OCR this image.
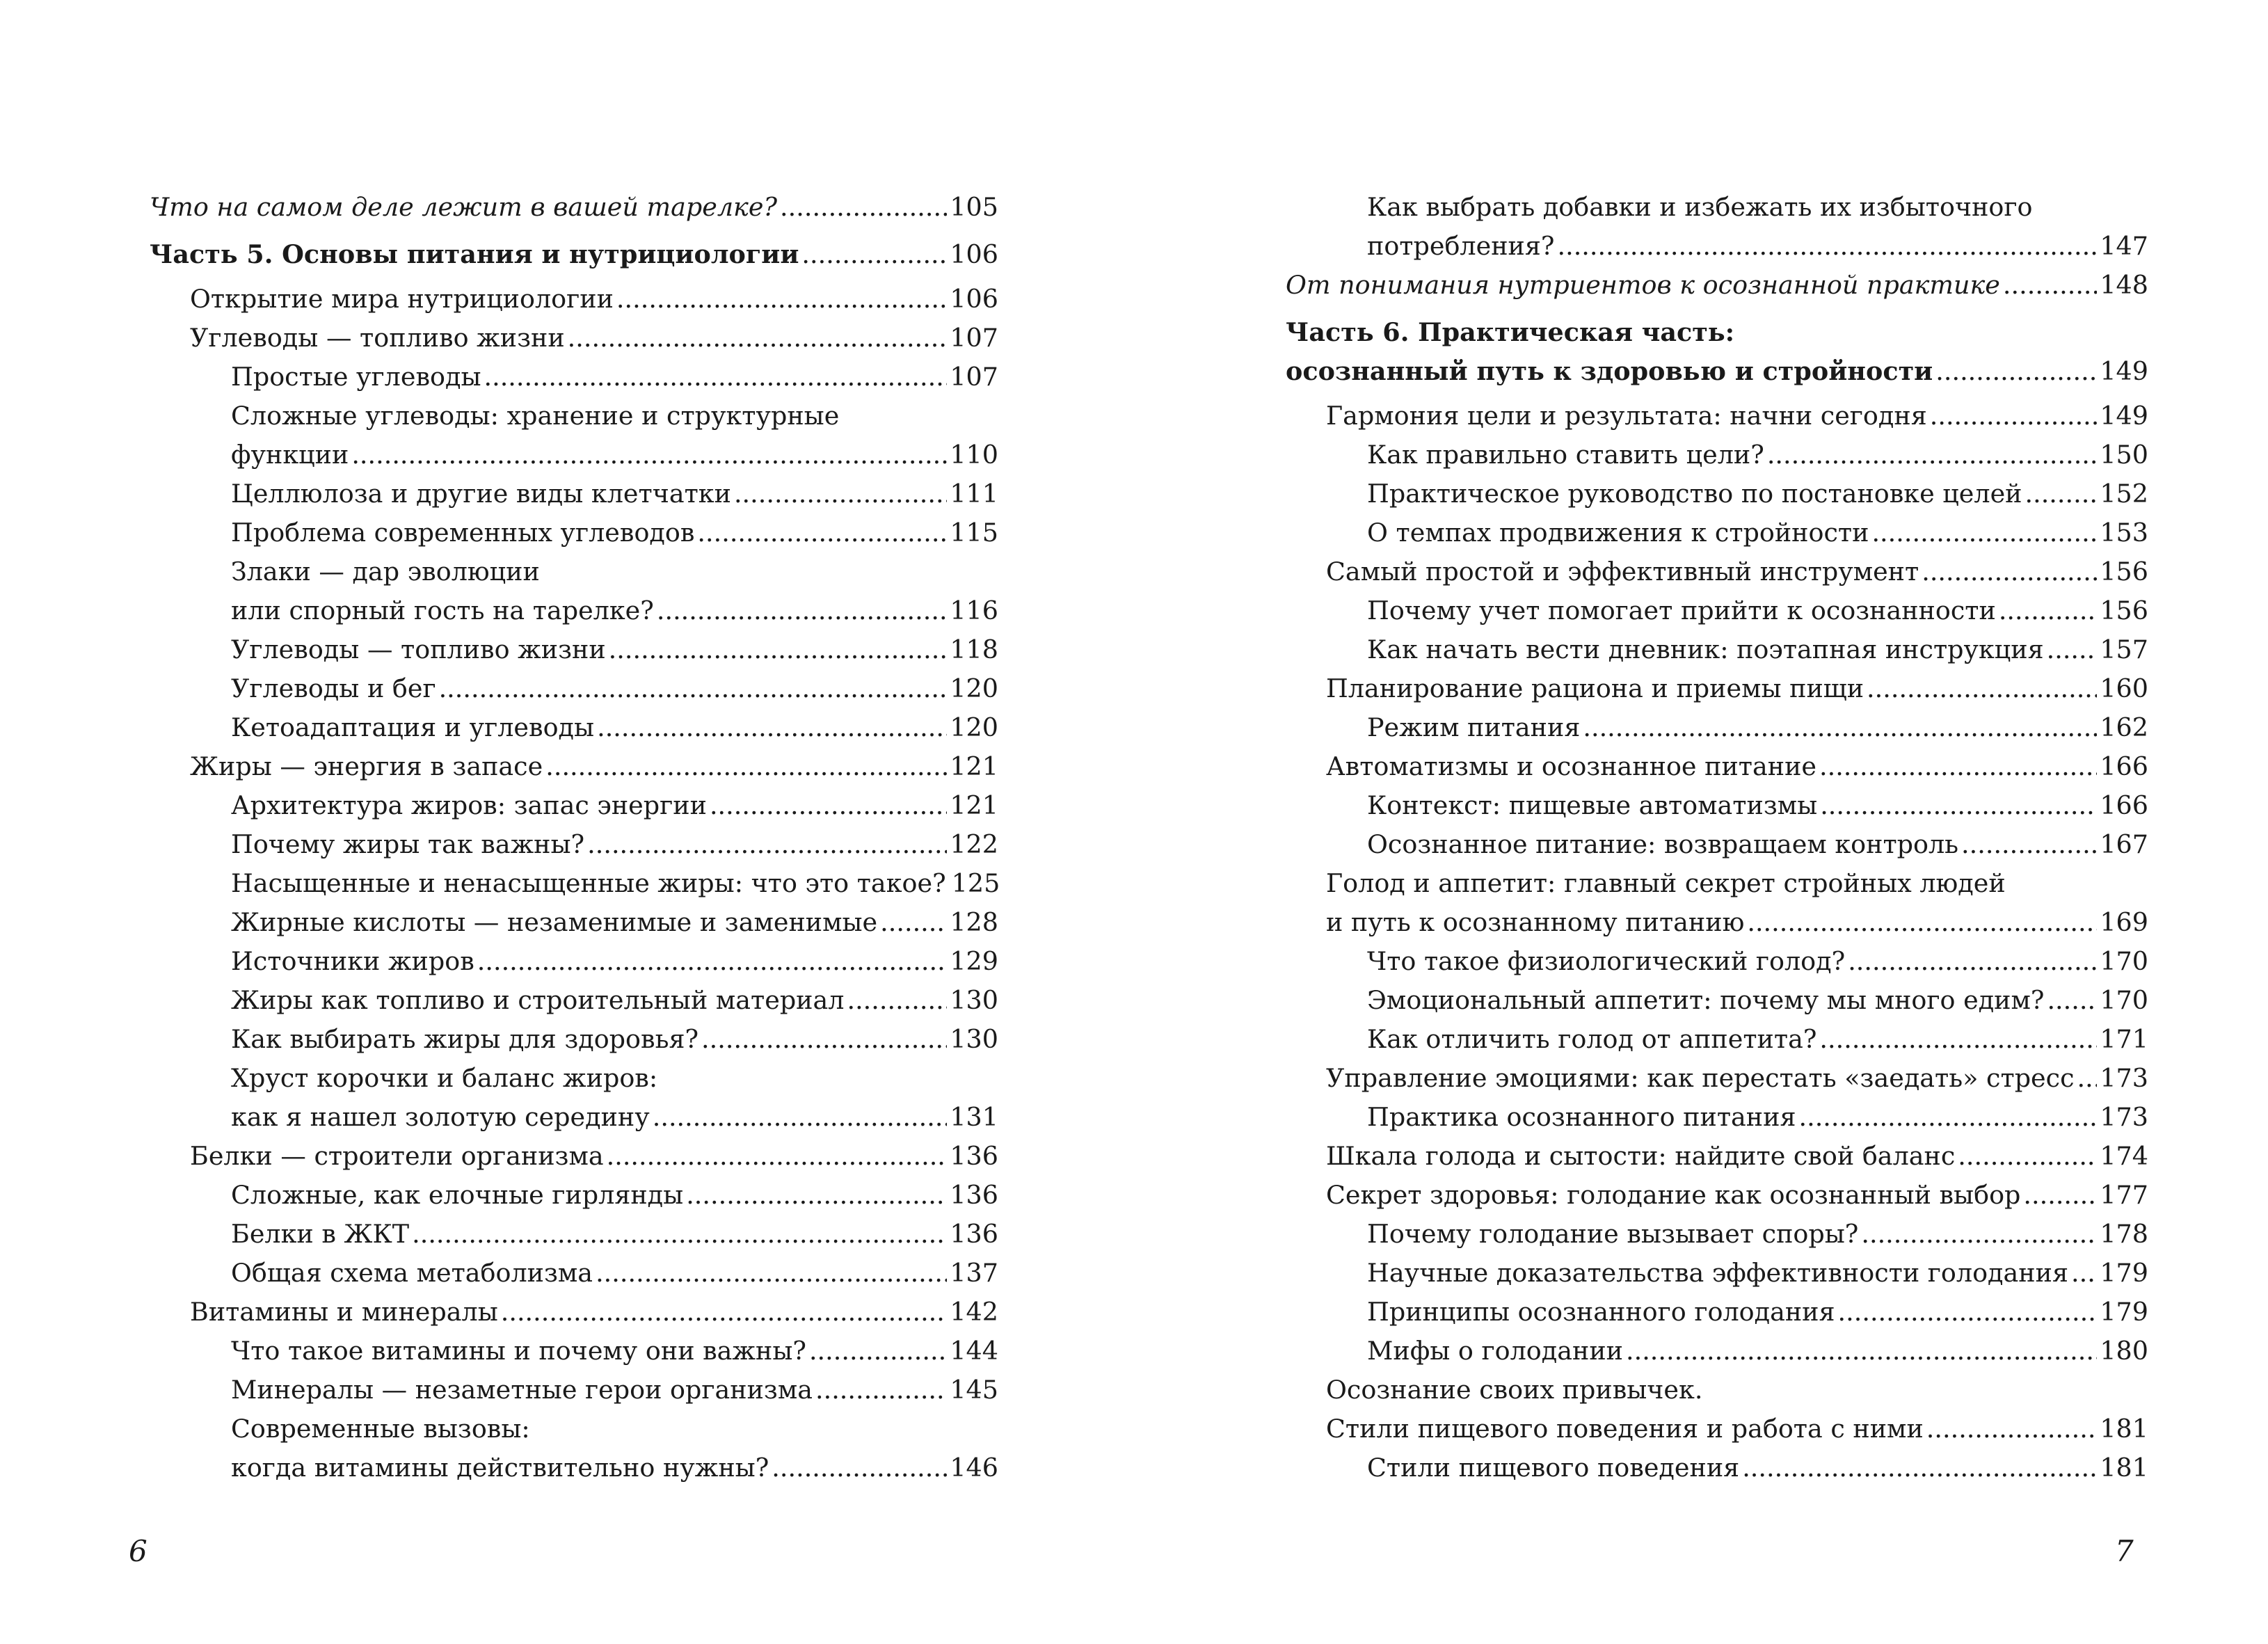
Что на самом деле лежит в вашей тарелке? .....	105
Часть 5. Основы питания и нутрициологии .....	106
Открытие мира нутрициологии .....	106
Углеводы — топливо жизни .....	107
Простые углеводы .....	107
Сложные углеводы: хранение и структурные
функции .....	110
Целлюлоза и другие виды клетчатки .....	111
Проблема современных углеводов .....	115
Злаки — дар эволюции
или спорный гость на тарелке? .....	116
Углеводы — топливо жизни .....	118
Углеводы и бег .....	120
Кетоадаптация и углеводы .....	120
Жиры — энергия в запасе .....	121
Архитектура жиров: запас энергии .....	121
Почему жиры так важны? .....	122
Насыщенные и ненасыщенные жиры: что это такое? 125
Жирные кислоты — незаменимые и заменимые .....	128
Источники жиров .....	129
Жиры как топливо и строительный материал .....	130
Как выбирать жиры для здоровья? .....	130
Хруст корочки и баланс жиров:
как я нашел золотую середину .....	131
Белки — строители организма .....	136
Сложные, как елочные гирлянды .....	136
Белки в ЖКТ .....	136
Общая схема метаболизма .....	137
Витамины и минералы .....	142
Что такое витамины и почему они важны? .....	144
Минералы — незаметные герои организма .....	145
Современные вызовы:
когда витамины действительно нужны? .....	146
Как выбрать добавки и избежать их избыточного
потребления? .....	147
От понимания нутриентов к осознанной практике .....	148
Часть 6. Практическая часть:
осознанный путь к здоровью и стройности .....	149
Гармония цели и результата: начни сегодня .....	149
Как правильно ставить цели? .....	150
Практическое руководство по постановке целей .....	152
О темпах продвижения к стройности .....	153
Самый простой и эффективный инструмент .....	156
Почему учет помогает прийти к осознанности .....	156
Как начать вести дневник: поэтапная инструкция ..... 157
Планирование рациона и приемы пищи .....	160
Режим питания .....	162
Автоматизмы и осознанное питание .....	166
Контекст: пищевые автоматизмы .....	166
Осознанное питание: возвращаем контроль .....	167
Голод и аппетит: главный секрет стройных людей
и путь к осознанному питанию .....	169
Что такое физиологический голод? .....	170
Эмоциональный аппетит: почему мы много едим? ..... 170
Как отличить голод от аппетита? .....	171
Управление эмоциями: как перестать «заедать» стресс ..... 173
Практика осознанного питания .....	173
Шкала голода и сытости: найдите свой баланс .....	174
Секрет здоровья: голодание как осознанный выбор .....	177
Почему голодание вызывает споры? .....	178
Научные доказательства эффективности голодания ..... 179
Принципы осознанного голодания .....	179
Мифы о голодании .....	180
Осознание своих привычек.
Стили пищевого поведения и работа с ними .....	181
Стили пищевого поведения .....	181
6	7
